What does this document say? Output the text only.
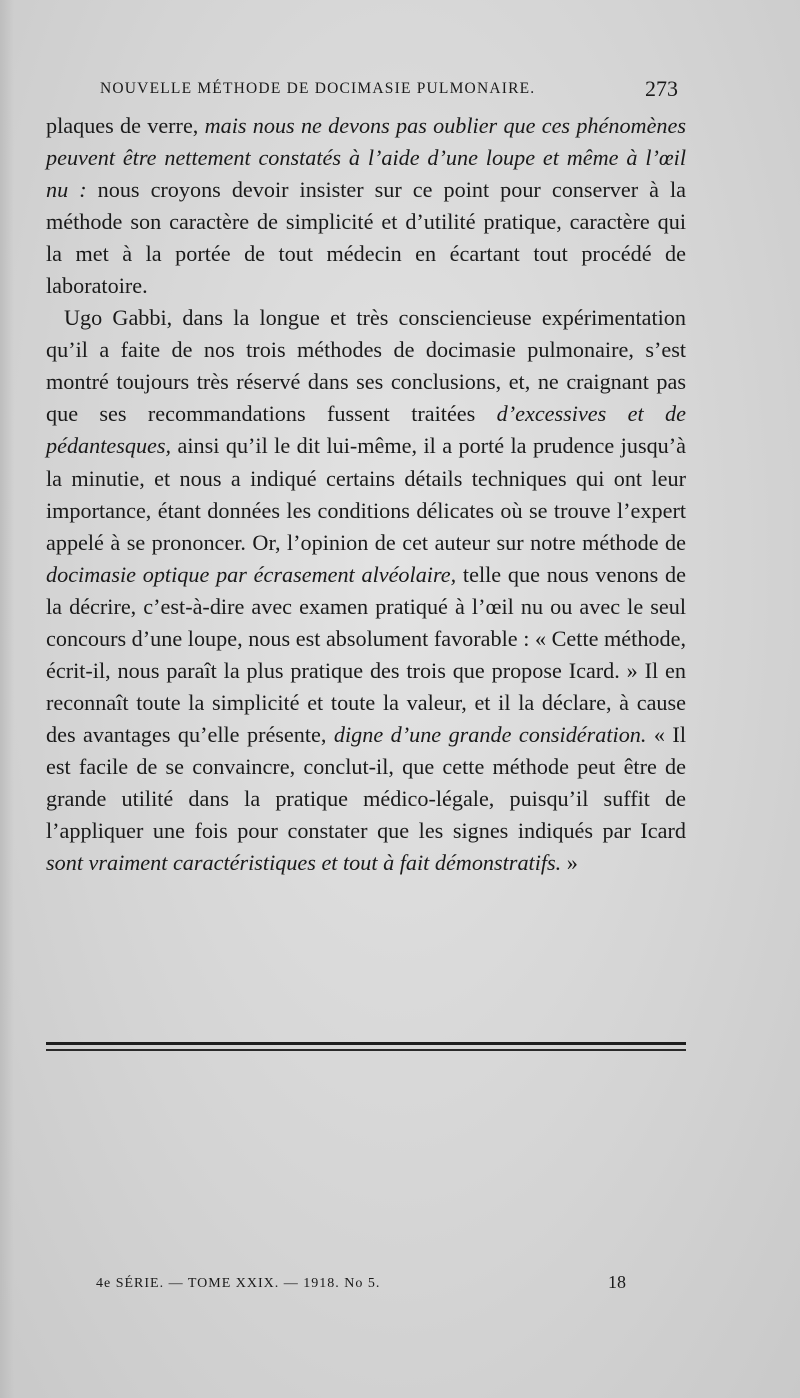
NOUVELLE MÉTHODE DE DOCIMASIE PULMONAIRE.	273

plaques de verre, mais nous ne devons pas oublier que ces phénomènes peuvent être nettement constatés à l’aide d’une loupe et même à l’œil nu : nous croyons devoir insister sur ce point pour conserver à la méthode son caractère de simplicité et d’utilité pratique, caractère qui la met à la portée de tout médecin en écartant tout procédé de laboratoire.

Ugo Gabbi, dans la longue et très consciencieuse expérimentation qu’il a faite de nos trois méthodes de docimasie pulmonaire, s’est montré toujours très réservé dans ses conclusions, et, ne craignant pas que ses recommandations fussent traitées d’excessives et de pédantesques, ainsi qu’il le dit lui-même, il a porté la prudence jusqu’à la minutie, et nous a indiqué certains détails techniques qui ont leur importance, étant données les conditions délicates où se trouve l’expert appelé à se prononcer. Or, l’opinion de cet auteur sur notre méthode de docimasie optique par écrasement alvéolaire, telle que nous venons de la décrire, c’est-à-dire avec examen pratiqué à l’œil nu ou avec le seul concours d’une loupe, nous est absolument favorable : « Cette méthode, écrit-il, nous paraît la plus pratique des trois que propose Icard. » Il en reconnaît toute la simplicité et toute la valeur, et il la déclare, à cause des avantages qu’elle présente, digne d’une grande considération. « Il est facile de se convaincre, conclut-il, que cette méthode peut être de grande utilité dans la pratique médico-légale, puisqu’il suffit de l’appliquer une fois pour constater que les signes indiqués par Icard sont vraiment caractéristiques et tout à fait démonstratifs. »

4e SÉRIE. — TOME XXIX. — 1918. No 5.	18
